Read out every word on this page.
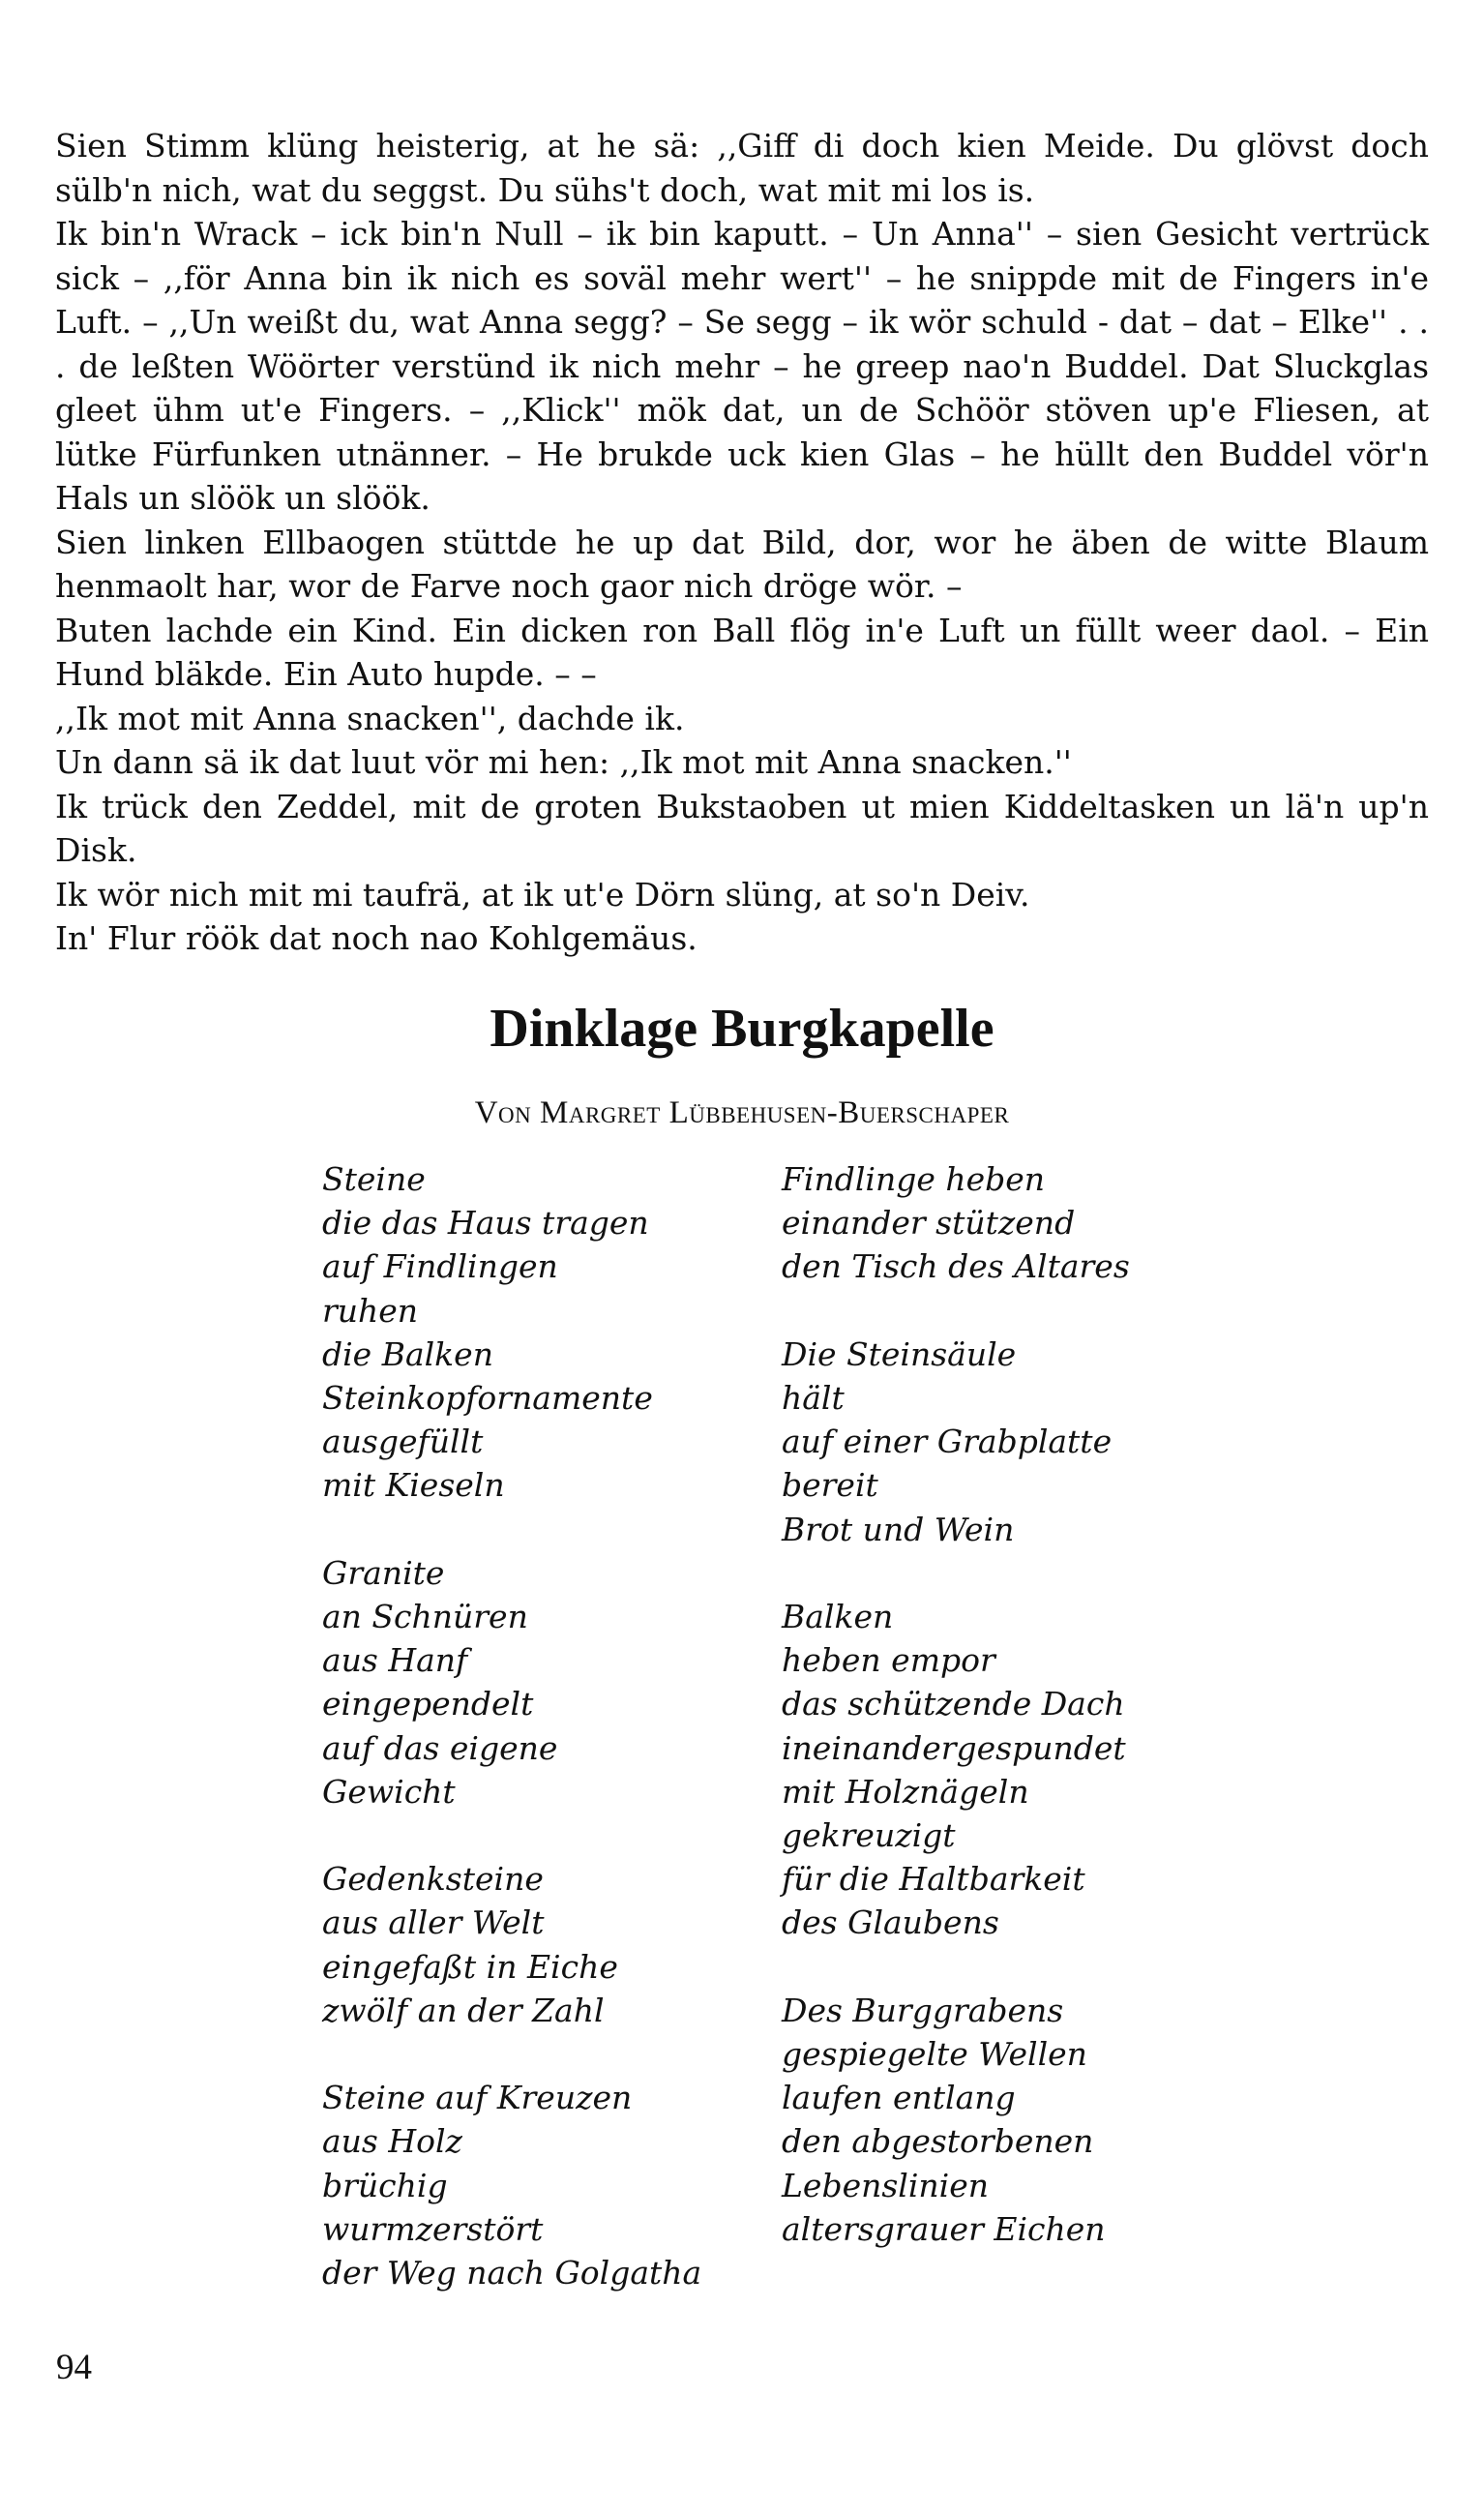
Sien Stimm klüng heisterig, at he sä: ,,Giff di doch kien Meide. Du glövst doch sülb'n nich, wat du seggst. Du sühs't doch, wat mit mi los is.

Ik bin'n Wrack – ick bin'n Null – ik bin kaputt. – Un Anna'' – sien Gesicht vertrück sick – ,,för Anna bin ik nich es soväl mehr wert'' – he snippde mit de Fingers in'e Luft. – ,,Un weißt du, wat Anna segg? – Se segg – ik wör schuld - dat – dat – Elke'' . . . de leßten Wöörter verstünd ik nich mehr – he greep nao'n Buddel. Dat Sluckglas gleet ühm ut'e Fingers. – ,,Klick'' mök dat, un de Schöör stöven up'e Fliesen, at lütke Fürfunken utnänner. – He brukde uck kien Glas – he hüllt den Buddel vör'n Hals un slöök un slöök.

Sien linken Ellbaogen stüttde he up dat Bild, dor, wor he äben de witte Blaum henmaolt har, wor de Farve noch gaor nich dröge wör. –

Buten lachde ein Kind. Ein dicken ron Ball flög in'e Luft un füllt weer daol. – Ein Hund bläkde. Ein Auto hupde. – –

,,Ik mot mit Anna snacken'', dachde ik.

Un dann sä ik dat luut vör mi hen: ,,Ik mot mit Anna snacken.''

Ik trück den Zeddel, mit de groten Bukstaoben ut mien Kiddeltasken un lä'n up'n Disk.

Ik wör nich mit mi taufrä, at ik ut'e Dörn slüng, at so'n Deiv.

In' Flur röök dat noch nao Kohlgemäus.

Dinklage Burgkapelle
Von Margret Lübbehusen-Buerschaper
Steine
die das Haus tragen
auf Findlingen
ruhen
die Balken
Steinkopfornamente
ausgefüllt
mit Kieseln
Granite
an Schnüren
aus Hanf
eingependelt
auf das eigene
Gewicht
Gedenksteine
aus aller Welt
eingefaßt in Eiche
zwölf an der Zahl
Steine auf Kreuzen
aus Holz
brüchig
wurmzerstört
der Weg nach Golgatha
Findlinge heben
einander stützend
den Tisch des Altares
Die Steinsäule
hält
auf einer Grabplatte
bereit
Brot und Wein
Balken
heben empor
das schützende Dach
ineinandergespundet
mit Holznägeln
gekreuzigt
für die Haltbarkeit
des Glaubens
Des Burggrabens
gespiegelte Wellen
laufen entlang
den abgestorbenen
Lebenslinien
altersgrauer Eichen
94
